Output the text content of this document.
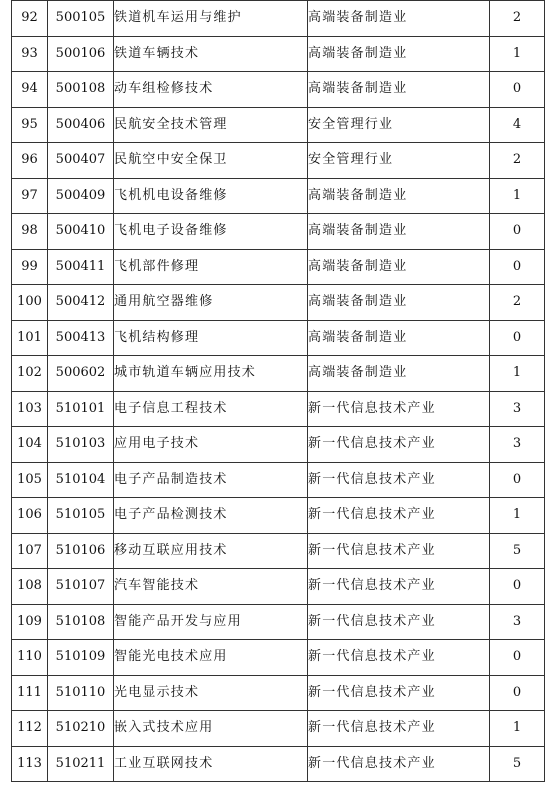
92	500105	铁道机车运用与维护	高端装备制造业	2
93	500106	铁道车辆技术	高端装备制造业	1
94	500108	动车组检修技术	高端装备制造业	0
95	500406	民航安全技术管理	安全管理行业	4
96	500407	民航空中安全保卫	安全管理行业	2
97	500409	飞机机电设备维修	高端装备制造业	1
98	500410	飞机电子设备维修	高端装备制造业	0
99	500411	飞机部件修理	高端装备制造业	0
100	500412	通用航空器维修	高端装备制造业	2
101	500413	飞机结构修理	高端装备制造业	0
102	500602	城市轨道车辆应用技术	高端装备制造业	1
103	510101	电子信息工程技术	新一代信息技术产业	3
104	510103	应用电子技术	新一代信息技术产业	3
105	510104	电子产品制造技术	新一代信息技术产业	0
106	510105	电子产品检测技术	新一代信息技术产业	1
107	510106	移动互联应用技术	新一代信息技术产业	5
108	510107	汽车智能技术	新一代信息技术产业	0
109	510108	智能产品开发与应用	新一代信息技术产业	3
110	510109	智能光电技术应用	新一代信息技术产业	0
111	510110	光电显示技术	新一代信息技术产业	0
112	510210	嵌入式技术应用	新一代信息技术产业	1
113	510211	工业互联网技术	新一代信息技术产业	5
